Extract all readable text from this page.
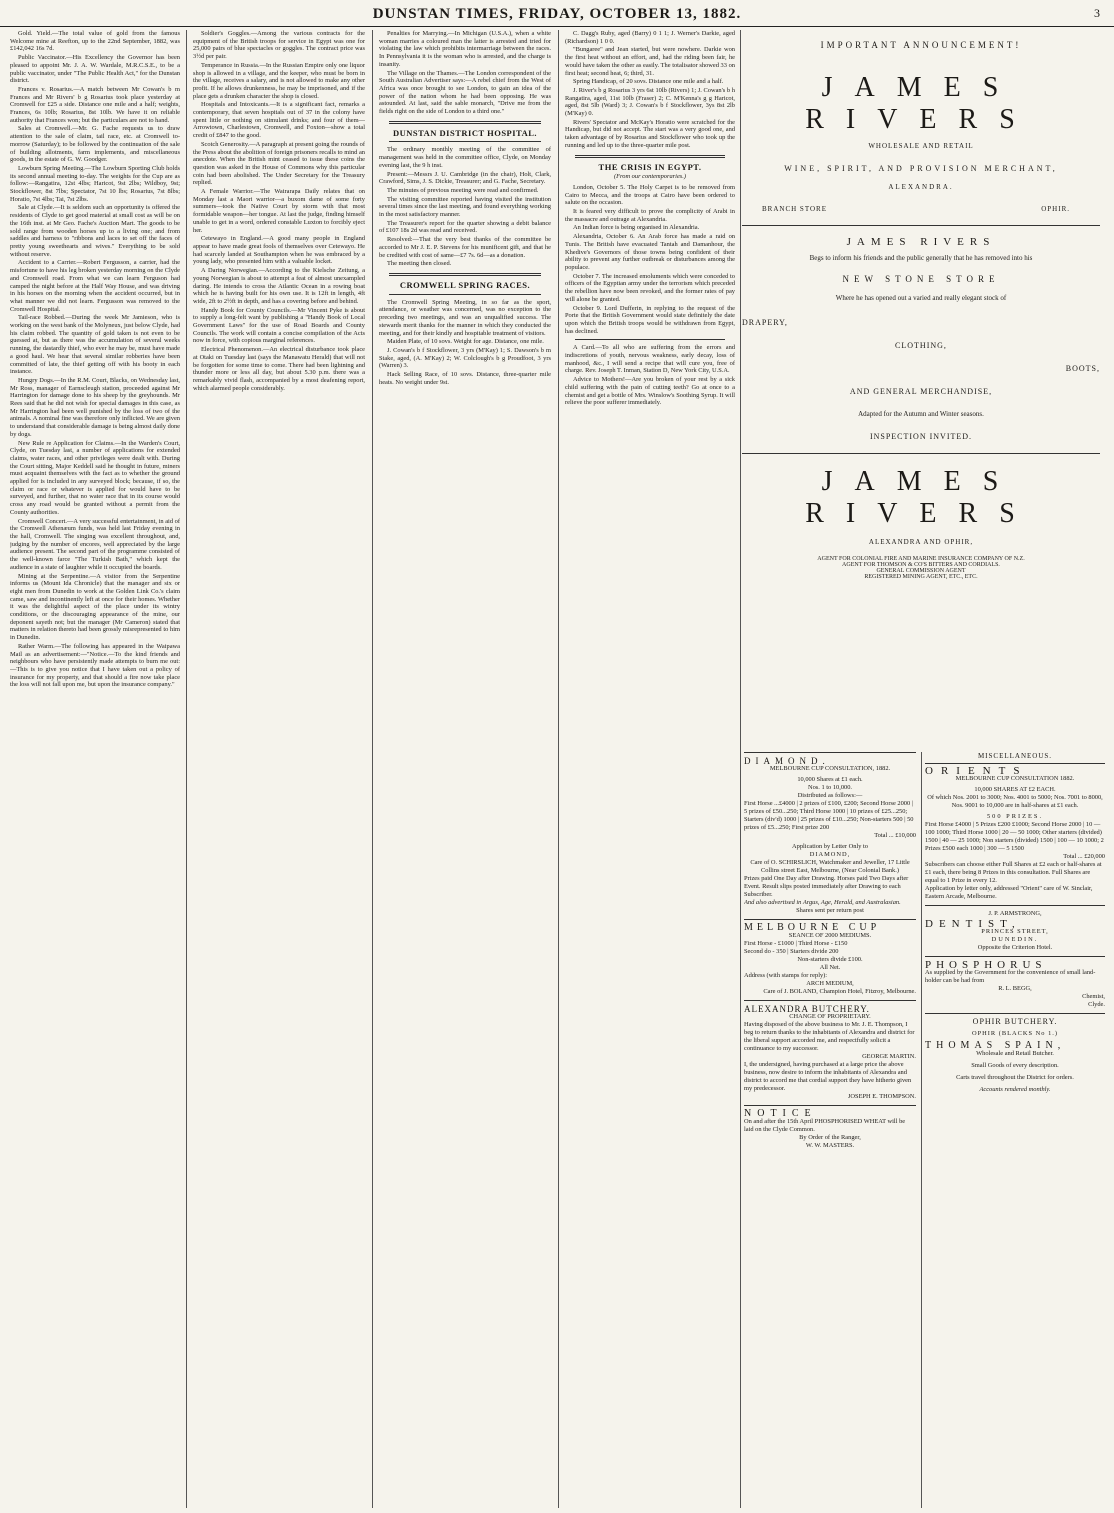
DUNSTAN TIMES, FRIDAY, OCTOBER 13, 1882.	3

Gold. Yield.—The total value of gold from the famous Welcome mine at Reefton, up to the 22nd September, 1882, was £142,042 16s 7d.

Public Vaccinator.—His Excellency the Governor has been pleased to appoint Mr. J. A. W. Wardale, M.R.C.S.E., to be a public vaccinator, under "The Public Health Act," for the Dunstan district.

Frances v. Rosarius.—A match between Mr Cowan's b m Frances and Mr Rivers' b g Rosarius took place yesterday at Cromwell for £25 a side. Distance one mile and a half; weights, Frances, 6s 10lb; Rosarius, 8st 10lb. We have it on reliable authority that Frances won; but the particulars are not to hand.

Sales at Cromwell.—Mr. G. Fache requests us to draw attention to the sale of claim, tail race, etc. at Cromwell to-morrow (Saturday); to be followed by the continuation of the sale of building allotments, farm implements, and miscellaneous goods, in the estate of G. W. Goodger.

Lowburn Spring Meeting.—The Lowburn Sporting Club holds its second annual meeting to-day. The weights for the Cup are as follow:—Rangatira, 12st 4lbs; Haricot, 9st 2lbs; Wildboy, 9st; Stockflower, 8st 7lbs; Spectator, 7st 10 lbs; Rosarius, 7st 8lbs; Horatio, 7st 4lbs; Tai, 7st 2lbs.

Sale at Clyde.—It is seldom such an opportunity is offered the residents of Clyde to get good material at small cost as will be on the 16th inst. at Mr Geo. Fache's Auction Mart. The goods to be sold range from wooden horses up to a living one; and from saddles and harness to "ribbons and laces to set off the faces of pretty young sweethearts and wives." Everything to be sold without reserve.

Accident to a Carrier.—Robert Fergusson, a carrier, had the misfortune to have his leg broken yesterday morning on the Clyde and Cromwell road. From what we can learn Ferguson had camped the night before at the Half Way House, and was driving in his horses on the morning when the accident occurred, but in what manner we did not learn. Fergusson was removed to the Cromwell Hospital.

Tail-race Robbed.—During the week Mr Jamieson, who is working on the west bank of the Molyneux, just below Clyde, had his claim robbed. The quantity of gold taken is not even to be guessed at, but as there was the accumulation of several weeks running, the dastardly thief, who ever he may be, must have made a good haul. We hear that several similar robberies have been committed of late, the thief getting off with his booty in each instance.

Hungry Dogs.—In the R.M. Court, Blacks, on Wednesday last, Mr Ross, manager of Earnscleugh station, proceeded against Mr Harrington for damage done to his sheep by the greyhounds. Mr Rees said that he did not wish for special damages in this case, as Mr Harrington had been well punished by the loss of two of the animals. A nominal fine was therefore only inflicted. We are given to understand that considerable damage is being almost daily done by dogs.

New Rule re Application for Claims.—In the Warden's Court, Clyde, on Tuesday last, a number of applications for extended claims, water races, and other privileges were dealt with. During the Court sitting, Major Keddell said he thought in future, miners must acquaint themselves with the fact as to whether the ground applied for is included in any surveyed block; because, if so, the claim or race or whatever is applied for would have to be surveyed, and further, that no water race that in its course would cross any road would be granted without a permit from the County authorities.

Cromwell Concert.—A very successful entertainment, in aid of the Cromwell Athenæum funds, was held last Friday evening in the hall, Cromwell. The singing was excellent throughout, and, judging by the number of encores, well appreciated by the large audience present. The second part of the programme consisted of the well-known farce "The Turkish Bath," which kept the audience in a state of laughter while it occupied the boards.

Mining at the Serpentine.—A visitor from the Serpentine informs us (Mount Ida Chronicle) that the manager and six or eight men from Dunedin to work at the Golden Link Co.'s claim came, saw and incontinently left at once for their homes. Whether it was the delightful aspect of the place under its wintry conditions, or the discouraging appearance of the mine, our deponent sayeth not; but the manager (Mr Cameron) stated that matters in relation thereto had been grossly misrepresented to him in Dunedin.

Rather Warm.—The following has appeared in the Waipawa Mail as an advertisement:—"Notice.—To the kind friends and neighbours who have persistently made attempts to burn me out:—This is to give you notice that I have taken out a policy of insurance for my property, and that should a fire now take place the loss will not fall upon me, but upon the insurance company."

Soldier's Goggles.—Among the various contracts for the equipment of the British troops for service in Egypt was one for 25,000 pairs of blue spectacles or goggles. The contract price was 3½d per pair.

Temperance in Russia.—In the Russian Empire only one liquor shop is allowed in a village, and the keeper, who must be born in the village, receives a salary, and is not allowed to make any other profit. If he allows drunkenness, he may be imprisoned, and if the place gets a drunken character the shop is closed.

Hospitals and Intoxicants.—It is a significant fact, remarks a contemporary, that seven hospitals out of 37 in the colony have spent little or nothing on stimulant drinks; and four of them—Arrowtown, Charlestown, Cromwell, and Foxton—show a total credit of £847 to the good.

Scotch Generosity.—A paragraph at present going the rounds of the Press about the abolition of foreign prisoners recalls to mind an anecdote. When the British mint ceased to issue these coins the question was asked in the House of Commons why this particular coin had been abolished. The Under Secretary for the Treasury replied.

A Female Warrior.—The Wairarapa Daily relates that on Monday last a Maori warrior—a buxom dame of some forty summers—took the Native Court by storm with that most formidable weapon—her tongue. At last the judge, finding himself unable to get in a word, ordered constable Luxton to forcibly eject her.

Cetewayo in England.—A good many people in England appear to have made great fools of themselves over Cetewayo. He had scarcely landed at Southampton when he was embraced by a young lady, who presented him with a valuable locket.

A Daring Norwegian.—According to the Kielsche Zeitung, a young Norwegian is about to attempt a feat of almost unexampled daring. He intends to cross the Atlantic Ocean in a rowing boat which he is having built for his own use. It is 12ft in length, 4ft wide, 2ft to 2½ft in depth, and has a covering before and behind.

Handy Book for County Councils.—Mr Vincent Pyke is about to supply a long-felt want by publishing a "Handy Book of Local Government Laws" for the use of Road Boards and County Councils. The work will contain a concise compilation of the Acts now in force, with copious marginal references.

Electrical Phenomenon.—An electrical disturbance took place at Otaki on Tuesday last (says the Manawatu Herald) that will not be forgotten for some time to come. There had been lightning and thunder more or less all day, but about 5.30 p.m. there was a remarkably vivid flash, accompanied by a most deafening report, which alarmed people considerably.

Penalties for Marrying.—In Michigan (U.S.A.), when a white woman marries a coloured man the latter is arrested and tried for violating the law which prohibits intermarriage between the races. In Pennsylvania it is the woman who is arrested, and the charge is insanity.

The Village on the Thames.—The London correspondent of the South Australian Advertiser says:—A rebel chief from the West of Africa was once brought to see London, to gain an idea of the power of the nation whom he had been opposing. He was astounded. At last, said the sable monarch, "Drive me from the fields right on the side of London to a third one."

DUNSTAN DISTRICT HOSPITAL.

The ordinary monthly meeting of the committee of management was held in the committee office, Clyde, on Monday evening last, the 9 h inst.

Present:—Messrs J. U. Cambridge (in the chair), Holt, Clark, Crawford, Sims, J. S. Dickie, Treasurer; and G. Fache, Secretary.

The minutes of previous meeting were read and confirmed.

The visiting committee reported having visited the institution several times since the last meeting, and found everything working in the most satisfactory manner.

The Treasurer's report for the quarter showing a debit balance of £107 18s 2d was read and received.

Resolved:—That the very best thanks of the committee be accorded to Mr J. E. P. Stevens for his munificent gift, and that he be credited with cost of same—£7 7s. 6d—as a donation.

The meeting then closed.

CROMWELL SPRING RACES.

The Cromwell Spring Meeting, in so far as the sport, attendance, or weather was concerned, was no exception to the preceding two meetings, and was an unqualified success. The stewards merit thanks for the manner in which they conducted the meeting, and for their kindly and hospitable treatment of visitors.

Maiden Plate, of 10 sovs. Weight for age. Distance, one mile.

J. Cowan's b f Stockflower, 3 yrs (M'Kay) 1; S. Dawson's b m Stake, aged, (A. M'Kay) 2; W. Colclough's b g Proudfoot, 3 yrs (Warren) 3.

Hack Selling Race, of 10 sovs. Distance, three-quarter mile heats. No weight under 9st.

C. Dagg's Ruby, aged (Barry) 0 1 1; J. Werner's Darkie, aged (Richardson) 1 0 0.

"Bungaree" and Jean started, but were nowhere. Darkie won the first heat without an effort, and, had the riding been fair, he would have taken the other as easily. The totalisator showed 33 on first heat; second heat, 6; third, 31.

Spring Handicap, of 20 sovs. Distance one mile and a half.

J. River's b g Rosarius 3 yrs 6st 10lb (Rivers) 1; J. Cowan's b h Rangatira, aged, 11st 10lb (Fraser) 2; C. M'Kenna's g g Haricot, aged, 8st 5lb (Ward) 3; J. Cowan's b f Stockflower, 3ys 8st 2lb (M'Kay) 0.

Rivers' Spectator and McKay's Horatio were scratched for the Handicap, but did not accept. The start was a very good one, and taken advantage of by Rosarius and Stockflower who took up the running and led up to the three-quarter mile post.

THE CRISIS IN EGYPT.

(From our contemporaries.)

London, October 5. The Holy Carpet is to be removed from Cairo to Mecca, and the troops at Cairo have been ordered to salute on the occasion.

It is feared very difficult to prove the complicity of Arabi in the massacre and outrage at Alexandria.

An Indian force is being organised in Alexandria.

Alexandria, October 6. An Arab force has made a raid on Tunis. The British have evacuated Tantah and Damanhour, the Khedive's Governors of those towns being confident of their ability to prevent any further outbreak or disturbances among the populace.

October 7. The increased emoluments which were conceded to officers of the Egyptian army under the terrorism which preceded the rebellion have now been revoked, and the former rates of pay will alone be granted.

October 9. Lord Dufferin, in replying to the request of the Porte that the British Government would state definitely the date upon which the British troops would be withdrawn from Egypt, has declined.

A Card.—To all who are suffering from the errors and indiscretions of youth, nervous weakness, early decay, loss of manhood, &c., I will send a recipe that will cure you, free of charge. Rev. Joseph T. Inman, Station D, New York City, U.S.A.

Advice to Mothers!—Are you broken of your rest by a sick child suffering with the pain of cutting teeth? Go at once to a chemist and get a bottle of Mrs. Winslow's Soothing Syrup. It will relieve the poor sufferer immediately.

IMPORTANT ANNOUNCEMENT!
JAMES RIVERS
WHOLESALE AND RETAIL
WINE, SPIRIT, AND PROVISION MERCHANT,
ALEXANDRA.
BRANCH STORE	OPHIR.
JAMES RIVERS
Begs to inform his friends and the public generally that he has removed into his
NEW STONE STORE
Where he has opened out a varied and really elegant stock of
DRAPERY,
CLOTHING,
BOOTS,
AND GENERAL MERCHANDISE,
Adapted for the Autumn and Winter seasons.
INSPECTION INVITED.
JAMES RIVERS
ALEXANDRA AND OPHIR,
AGENT FOR COLONIAL FIRE AND MARINE INSURANCE COMPANY OF N.Z.
AGENT FOR THOMSON & CO'S BITTERS AND CORDIALS.
GENERAL COMMISSION AGENT
REGISTERED MINING AGENT, ETC., ETC.
DIAMOND.
MELBOURNE CUP CONSULTATION, 1882.
10,000 Shares at £1 each.
Nos. 1 to 10,000.
Distributed as follows:—
First Horse ...£4000 | 2 prizes of £100, £200; Second Horse 2000 | 5 prizes of £50...250; Third Horse 1000 | 10 prizes of £25...250; Starters (div'd) 1000 | 25 prizes of £10...250; Non-starters 500 | 50 prizes of £5...250; First prize 200
Total ... £10,000
Application by Letter Only to
DIAMOND,
Care of O. SCHIRSLICH, Watchmaker and Jeweller, 17 Little Collins street East, Melbourne, (Near Colonial Bank.)
Prizes paid One Day after Drawing. Horses paid Two Days after Event. Result slips posted immediately after Drawing to each Subscriber.
And also advertised in Argus, Age, Herald, and Australasian.
Shares sent per return post
MELBOURNE CUP
SEANCE OF 2000 MEDIUMS.
First Horse - £1000 | Third Horse - £150
Second do - 350 | Starters divide 200
Non-starters divide £100.
All Net.
Address (with stamps for reply):
ARCH MEDIUM,
Care of J. BOLAND, Champion Hotel, Fitzroy, Melbourne.
ALEXANDRA BUTCHERY.
CHANGE OF PROPRIETARY.
Having disposed of the above business to Mr. J. E. Thompson, I beg to return thanks to the inhabitants of Alexandra and district for the liberal support accorded me, and respectfully solicit a continuance to my successor.
GEORGE MARTIN.
I, the undersigned, having purchased at a large price the above business, now desire to inform the inhabitants of Alexandra and district to accord me that cordial support they have hitherto given my predecessor.
JOSEPH E. THOMPSON.
NOTICE
On and after the 15th April PHOSPHORISED WHEAT will be laid on the Clyde Common.
By Order of the Ranger,
W. W. MASTERS.
MISCELLANEOUS.
ORIENTS
MELBOURNE CUP CONSULTATION 1882.
10,000 SHARES AT £2 EACH.
Of which Nos. 2001 to 3000; Nos. 4001 to 5000; Nos. 7001 to 8000, Nos. 9001 to 10,000 are in half-shares at £1 each.
500 PRIZES.
First Horse £4000 | 5 Prizes £200 £1000; Second Horse 2000 | 10 — 100 1000; Third Horse 1000 | 20 — 50 1000; Other starters (divided) 1500 | 40 — 25 1000; Non starters (divided) 1500 | 100 — 10 1000; 2 Prizes £500 each 1000 | 300 — 5 1500
Total ... £20,000
Subscribers can choose either Full Shares at £2 each or half-shares at £1 each, there being 8 Prizes in this consultation. Full Shares are equal to 1 Prize in every 12.
Application by letter only, addressed "Orient" care of W. Sinclair, Eastern Arcade, Melbourne.
J. P. ARMSTRONG,
DENTIST,
PRINCES STREET,
DUNEDIN.
Opposite the Criterion Hotel.
PHOSPHORUS
As supplied by the Government for the convenience of small land-holder can be had from
R. L. BEGG,
Chemist,
Clyde.
OPHIR BUTCHERY.
OPHIR (BLACKS No 1.)
THOMAS SPAIN,
Wholesale and Retail Butcher.
Small Goods of every description.
Carts travel throughout the District for orders.
Accounts rendered monthly.
